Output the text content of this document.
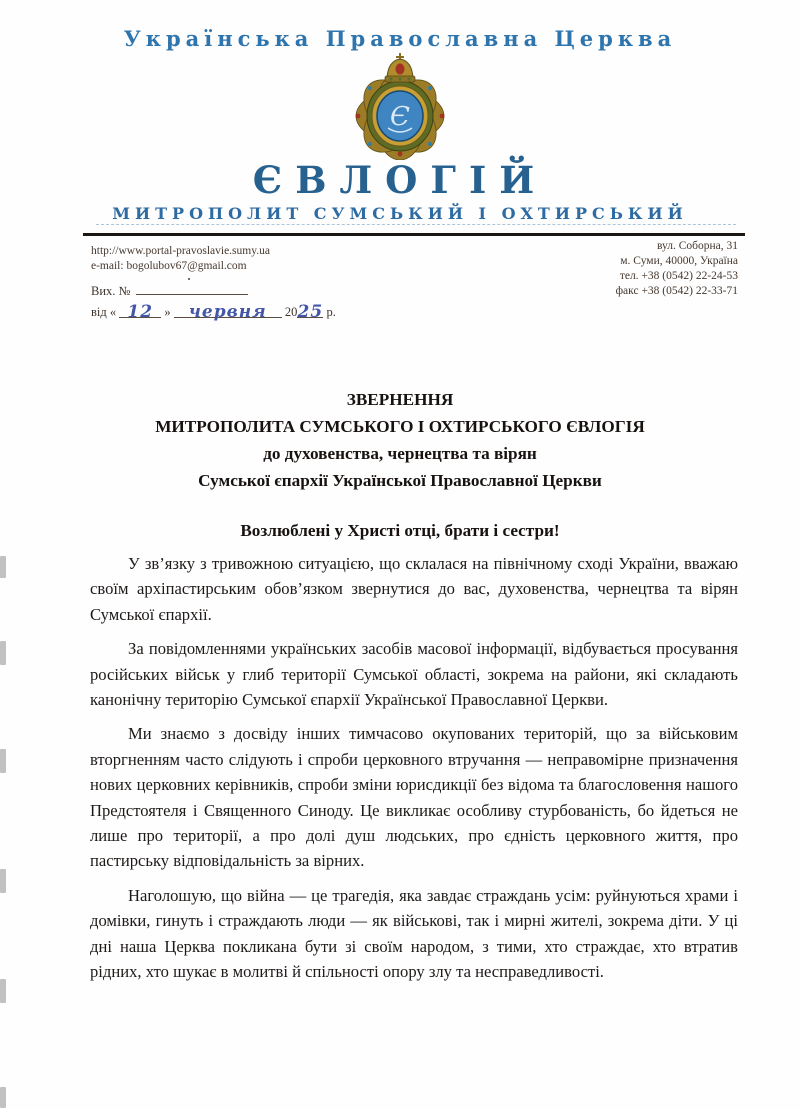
Українська Православна Церква
Є
ЄВЛОГІЙ
МИТРОПОЛИТ СУМСЬКИЙ І ОХТИРСЬКИЙ
http://www.portal-pravoslavie.sumy.ua
e-mail: bogolubov67@gmail.com
вул. Соборна, 31
м. Суми, 40000, Україна
тел. +38 (0542) 22-24-53
факс +38 (0542) 22-33-71
Вих. №
від « 12 » червня 2025 р.
ЗВЕРНЕННЯ
МИТРОПОЛИТА СУМСЬКОГО І ОХТИРСЬКОГО ЄВЛОГІЯ
до духовенства, чернецтва та вірян
Сумської єпархії Української Православної Церкви
Возлюблені у Христі отці, брати і сестри!

У зв’язку з тривожною ситуацією, що склалася на північному сході України, вважаю своїм архіпастирським обов’язком звернутися до вас, духовенства, чернецтва та вірян Сумської єпархії.

За повідомленнями українських засобів масової інформації, відбувається просування російських військ у глиб території Сумської області, зокрема на райони, які складають канонічну територію Сумської єпархії Української Православної Церкви.

Ми знаємо з досвіду інших тимчасово окупованих територій, що за військовим вторгненням часто слідують і спроби церковного втручання — неправомірне призначення нових церковних керівників, спроби зміни юрисдикції без відома та благословення нашого Предстоятеля і Священного Синоду. Це викликає особливу стурбованість, бо йдеться не лише про території, а про долі душ людських, про єдність церковного життя, про пастирську відповідальність за вірних.

Наголошую, що війна — це трагедія, яка завдає страждань усім: руйнуються храми і домівки, гинуть і страждають люди — як військові, так і мирні жителі, зокрема діти. У ці дні наша Церква покликана бути зі своїм народом, з тими, хто страждає, хто втратив рідних, хто шукає в молитві й спільності опору злу та несправедливості.
